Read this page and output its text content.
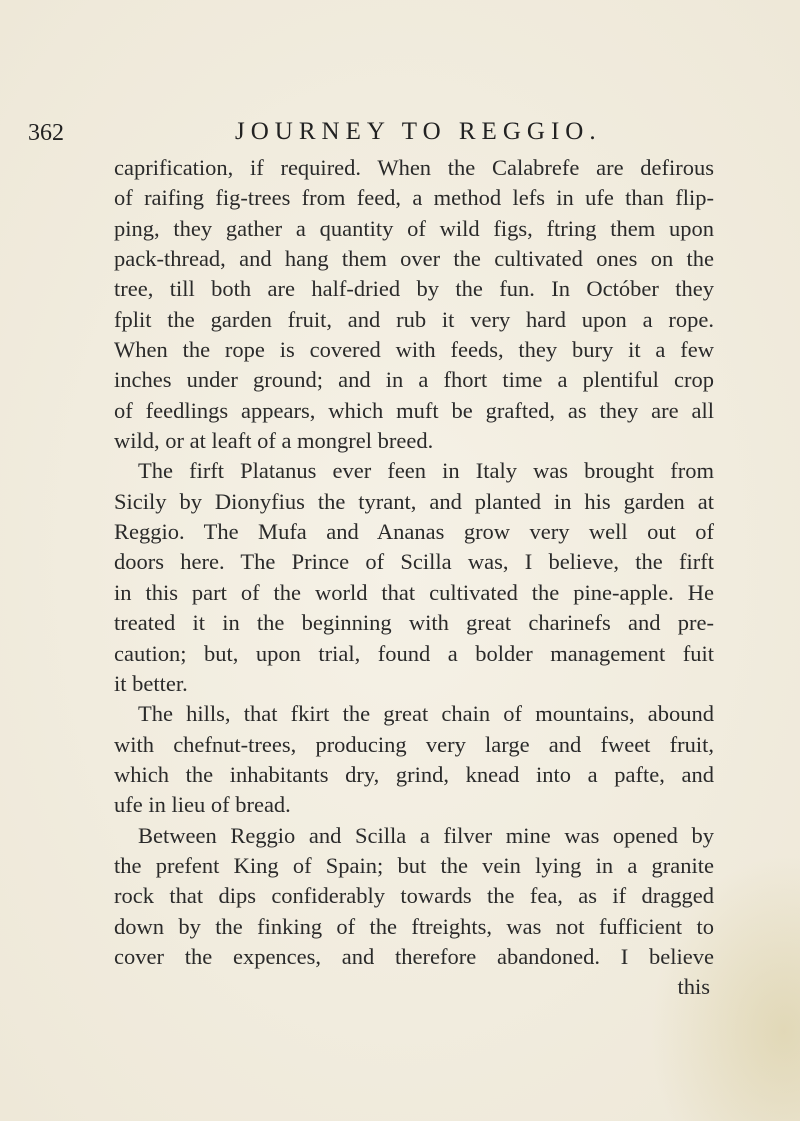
362	JOURNEY TO REGGIO.
caprification, if required. When the Calabrefe are defirous
of raifing fig-trees from feed, a method lefs in ufe than flip-
ping, they gather a quantity of wild figs, ftring them upon
pack-thread, and hang them over the cultivated ones on the
tree, till both are half-dried by the fun. In Octóber they
fplit the garden fruit, and rub it very hard upon a rope.
When the rope is covered with feeds, they bury it a few
inches under ground; and in a fhort time a plentiful crop
of feedlings appears, which muft be grafted, as they are all
wild, or at leaft of a mongrel breed.
The firft Platanus ever feen in Italy was brought from
Sicily by Dionyfius the tyrant, and planted in his garden at
Reggio. The Mufa and Ananas grow very well out of
doors here. The Prince of Scilla was, I believe, the firft
in this part of the world that cultivated the pine-apple. He
treated it in the beginning with great charinefs and pre-
caution; but, upon trial, found a bolder management fuit
it better.
The hills, that fkirt the great chain of mountains, abound
with chefnut-trees, producing very large and fweet fruit,
which the inhabitants dry, grind, knead into a pafte, and
ufe in lieu of bread.
Between Reggio and Scilla a filver mine was opened by
the prefent King of Spain; but the vein lying in a granite
rock that dips confiderably towards the fea, as if dragged
down by the finking of the ftreights, was not fufficient to
cover the expences, and therefore abandoned. I believe
this
